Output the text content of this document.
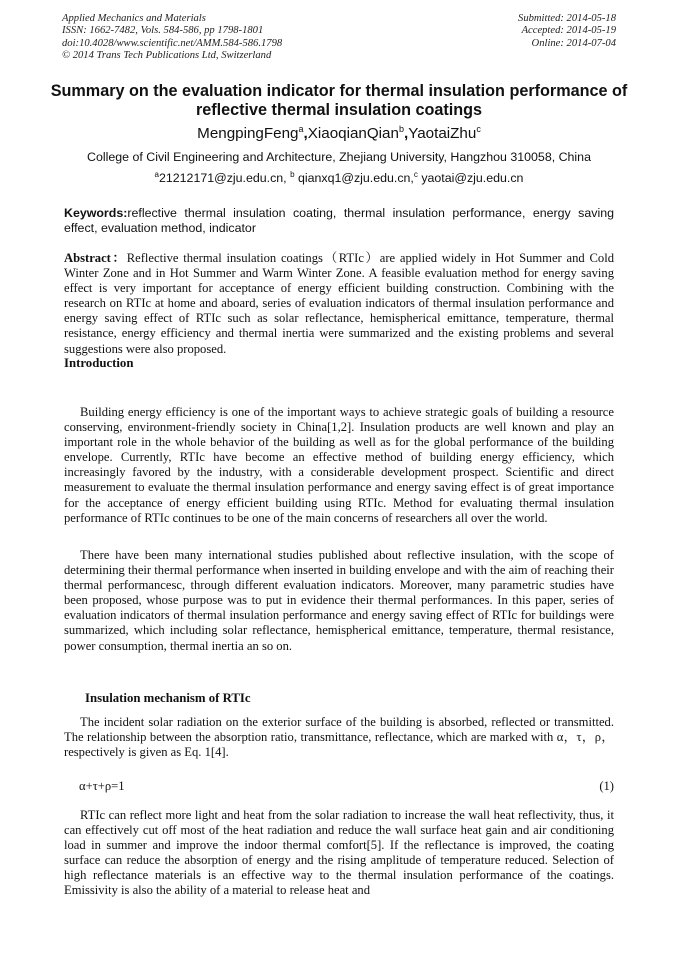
Applied Mechanics and Materials
ISSN: 1662-7482, Vols. 584-586, pp 1798-1801
doi:10.4028/www.scientific.net/AMM.584-586.1798
© 2014 Trans Tech Publications Ltd, Switzerland
Submitted: 2014-05-18
Accepted: 2014-05-19
Online: 2014-07-04
Summary on the evaluation indicator for thermal insulation performance of reflective thermal insulation coatings
MengpingFeng$^a$,XiaoqianQian$^b$,YaotaiZhu$^c$
College of Civil Engineering and Architecture, Zhejiang University, Hangzhou 310058, China
$^a$21212171@zju.edu.cn, $^b$ qianxq1@zju.edu.cn,$^c$ yaotai@zju.edu.cn
Keywords:reflective thermal insulation coating, thermal insulation performance, energy saving effect, evaluation method, indicator
Abstract：Reflective thermal insulation coatings（RTIc）are applied widely in Hot Summer and Cold Winter Zone and in Hot Summer and Warm Winter Zone. A feasible evaluation method for energy saving effect is very important for acceptance of energy efficient building construction. Combining with the research on RTIc at home and aboard, series of evaluation indicators of thermal insulation performance and energy saving effect of RTIc such as solar reflectance, hemispherical emittance, temperature, thermal resistance, energy efficiency and thermal inertia were summarized and the existing problems and several suggestions were also proposed.
Introduction
Building energy efficiency is one of the important ways to achieve strategic goals of building a resource conserving, environment-friendly society in China[1,2]. Insulation products are well known and play an important role in the whole behavior of the building as well as for the global performance of the building envelope. Currently, RTIc have become an effective method of building energy efficiency, which increasingly favored by the industry, with a considerable development prospect. Scientific and direct measurement to evaluate the thermal insulation performance and energy saving effect is of great importance for the acceptance of energy efficient building using RTIc. Method for evaluating thermal insulation performance of RTIc continues to be one of the main concerns of researchers all over the world.
There have been many international studies published about reflective insulation, with the scope of determining their thermal performance when inserted in building envelope and with the aim of reaching their thermal performancesc, through different evaluation indicators. Moreover, many parametric studies have been proposed, whose purpose was to put in evidence their thermal performances. In this paper, series of evaluation indicators of thermal insulation performance and energy saving effect of RTIc for buildings were summarized, which including solar reflectance, hemispherical emittance, temperature, thermal resistance, power consumption, thermal inertia an so on.
Insulation mechanism of RTIc
The incident solar radiation on the exterior surface of the building is absorbed, reflected or transmitted. The relationship between the absorption ratio, transmittance, reflectance, which are marked with α，τ，ρ， respectively is given as Eq. 1[4].
α+τ+ρ=1	(1)
RTIc can reflect more light and heat from the solar radiation to increase the wall heat reflectivity, thus, it can effectively cut off most of the heat radiation and reduce the wall surface heat gain and air conditioning load in summer and improve the indoor thermal comfort[5]. If the reflectance is improved, the coating surface can reduce the absorption of energy and the rising amplitude of temperature reduced. Selection of high reflectance materials is an effective way to the thermal insulation performance of the coatings. Emissivity is also the ability of a material to release heat and
